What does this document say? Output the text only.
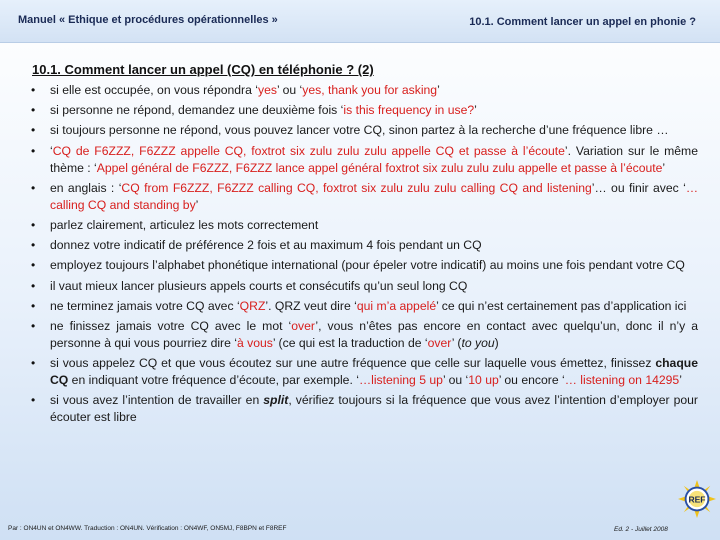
Manuel « Ethique et procédures opérationnelles »	10.1. Comment lancer un appel en phonie ?
10.1. Comment lancer un appel (CQ) en téléphonie ? (2)
• si elle est occupée, on vous répondra ‘yes’ ou ‘yes, thank you for asking’
• si personne ne répond, demandez une deuxième fois ‘is this frequency in use?’
• si toujours personne ne répond, vous pouvez lancer votre CQ, sinon partez à la recherche d’une fréquence libre …
• ‘CQ de F6ZZZ, F6ZZZ appelle CQ, foxtrot six zulu zulu zulu appelle CQ et passe à l’écoute’. Variation sur le même thème : ‘Appel général de F6ZZZ, F6ZZZ lance appel général foxtrot six zulu zulu zulu appelle et passe à l’écoute’
• en anglais : ‘CQ from F6ZZZ, F6ZZZ calling CQ, foxtrot six zulu zulu zulu calling CQ and listening’… ou finir avec ‘…calling CQ and standing by’
• parlez clairement, articulez les mots correctement
• donnez votre indicatif de préférence 2 fois et au maximum 4 fois pendant un CQ
• employez toujours l’alphabet phonétique international (pour épeler votre indicatif) au moins une fois pendant votre CQ
• il vaut mieux lancer plusieurs appels courts et consécutifs qu’un seul long CQ
• ne terminez jamais votre CQ avec ‘QRZ’. QRZ veut dire ‘qui m’a appelé’ ce qui n’est certainement pas d’application ici
• ne finissez jamais votre CQ avec le mot ‘over’, vous n’êtes pas encore en contact avec quelqu’un, donc il n’y a personne à qui vous pourriez dire ‘à vous’ (ce qui est la traduction de ‘over’ (to you)
• si vous appelez CQ et que vous écoutez sur une autre fréquence que celle sur laquelle vous émettez, finissez chaque CQ en indiquant votre fréquence d’écoute, par exemple. ‘…listening 5 up’ ou ‘10 up’ ou encore ‘… listening on 14295’
• si vous avez l’intention de travailler en split, vérifiez toujours si la fréquence que vous avez l’intention d’employer pour écouter est libre
Par : ON4UN et ON4WW. Traduction : ON4UN. Vérification : ON4WF, ON5MJ, F8BPN et F8REF	Ed. 2 - Juillet 2008
REF
